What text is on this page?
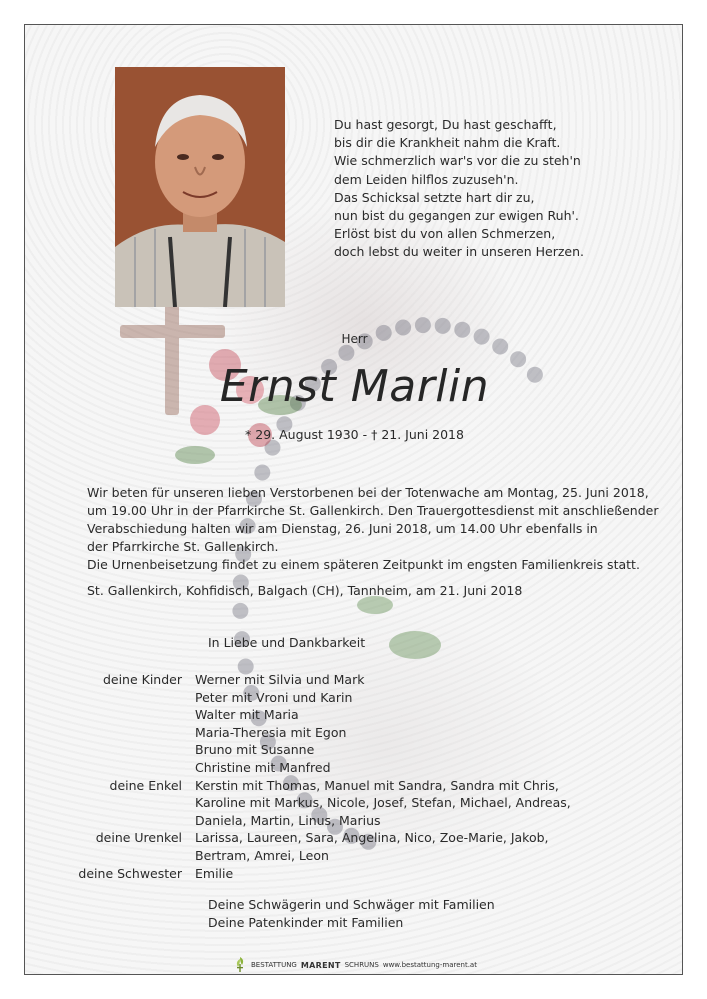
Du hast gesorgt, Du hast geschafft,
bis dir die Krankheit nahm die Kraft.
Wie schmerzlich war's vor die zu steh'n
dem Leiden hilflos zuzuseh'n.
Das Schicksal setzte hart dir zu,
nun bist du gegangen zur ewigen Ruh'.
Erlöst bist du von allen Schmerzen,
doch lebst du weiter in unseren Herzen.
Herr
Ernst Marlin
* 29. August 1930 - † 21. Juni 2018
Wir beten für unseren lieben Verstorbenen bei der Totenwache am Montag, 25. Juni 2018,
um 19.00 Uhr in der Pfarrkirche St. Gallenkirch. Den Trauergottesdienst mit anschließender
Verabschiedung halten wir am Dienstag, 26. Juni 2018, um 14.00 Uhr ebenfalls in
der Pfarrkirche St. Gallenkirch.
Die Urnenbeisetzung findet zu einem späteren Zeitpunkt im engsten Familienkreis statt.
St. Gallenkirch, Kohfidisch, Balgach (CH), Tannheim, am 21. Juni 2018
In Liebe und Dankbarkeit
deine Kinder	Werner mit Silvia und Mark
Peter mit Vroni und Karin
Walter mit Maria
Maria-Theresia mit Egon
Bruno mit Susanne
Christine mit Manfred
deine Enkel	Kerstin mit Thomas, Manuel mit Sandra, Sandra mit Chris,
Karoline mit Markus, Nicole, Josef, Stefan, Michael, Andreas,
Daniela, Martin, Linus, Marius
deine Urenkel	Larissa, Laureen, Sara, Angelina, Nico, Zoe-Marie, Jakob,
Bertram, Amrei, Leon
deine Schwester	Emilie
Deine Schwägerin und Schwäger mit Familien
Deine Patenkinder mit Familien
BESTATTUNG MARENT SCHRUNS www.bestattung-marent.at
